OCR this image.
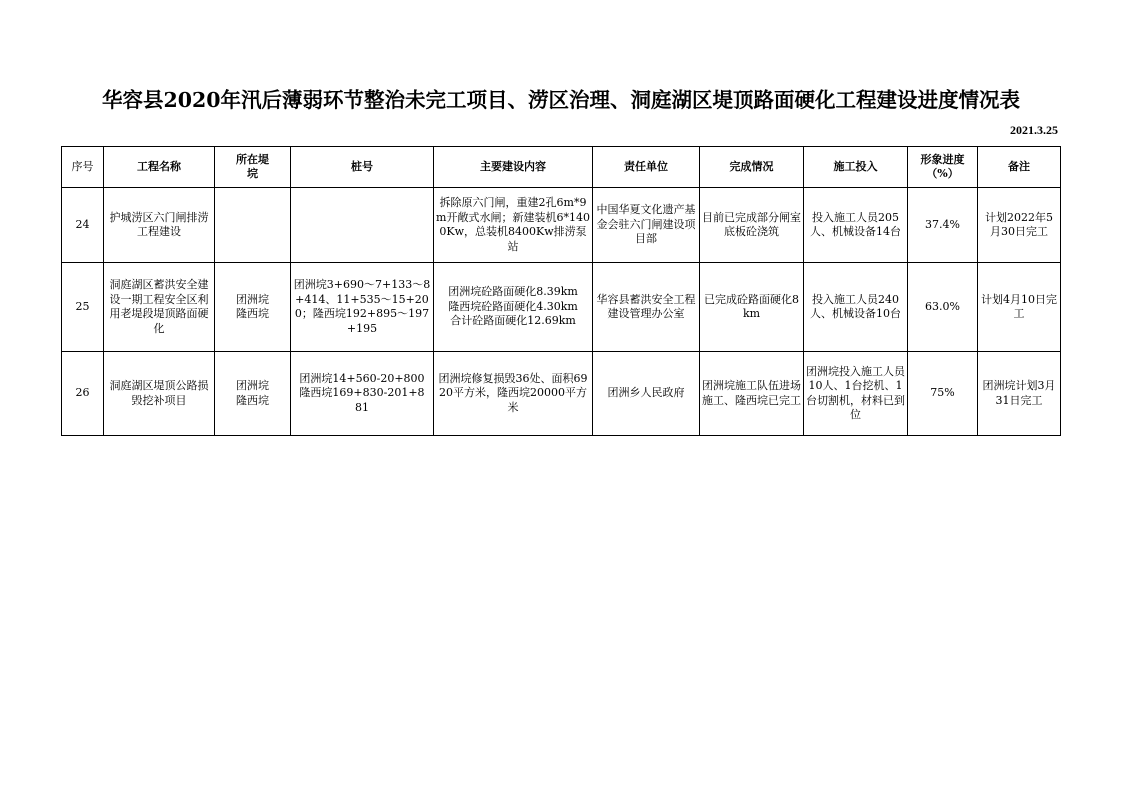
华容县2020年汛后薄弱环节整治未完工项目、涝区治理、洞庭湖区堤顶路面硬化工程建设进度情况表
2021.3.25
序号	工程名称	所在堤垸	桩号	主要建设内容	责任单位	完成情况	施工投入	形象进度（%）	备注
24	护城涝区六门闸排涝工程建设			拆除原六门闸，重建2孔6m*9m开敞式水闸；新建装机6*1400Kw，总装机8400Kw排涝泵站	中国华夏文化遗产基金会驻六门闸建设项目部	目前已完成部分闸室底板砼浇筑	投入施工人员205人、机械设备14台	37.4%	计划2022年5月30日完工
25	洞庭湖区蓄洪安全建设一期工程安全区利用老堤段堤顶路面硬化	团洲垸隆西垸	团洲垸3+690～7+133～8+414、11+535～15+200；隆西垸192+895～197+195	团洲垸砼路面硬化8.39km隆西垸砼路面硬化4.30km合计砼路面硬化12.69km	华容县蓄洪安全工程建设管理办公室	已完成砼路面硬化8km	投入施工人员240人、机械设备10台	63.0%	计划4月10日完工
26	洞庭湖区堤顶公路损毁挖补项目	团洲垸隆西垸	团洲垸14+560-20+800隆西垸169+830-201+881	团洲垸修复损毁36处、面积6920平方米，隆西垸20000平方米	团洲乡人民政府	团洲垸施工队伍进场施工、隆西垸已完工	团洲垸投入施工人员10人、1台挖机、1台切割机，材料已到位	75%	团洲垸计划3月31日完工
